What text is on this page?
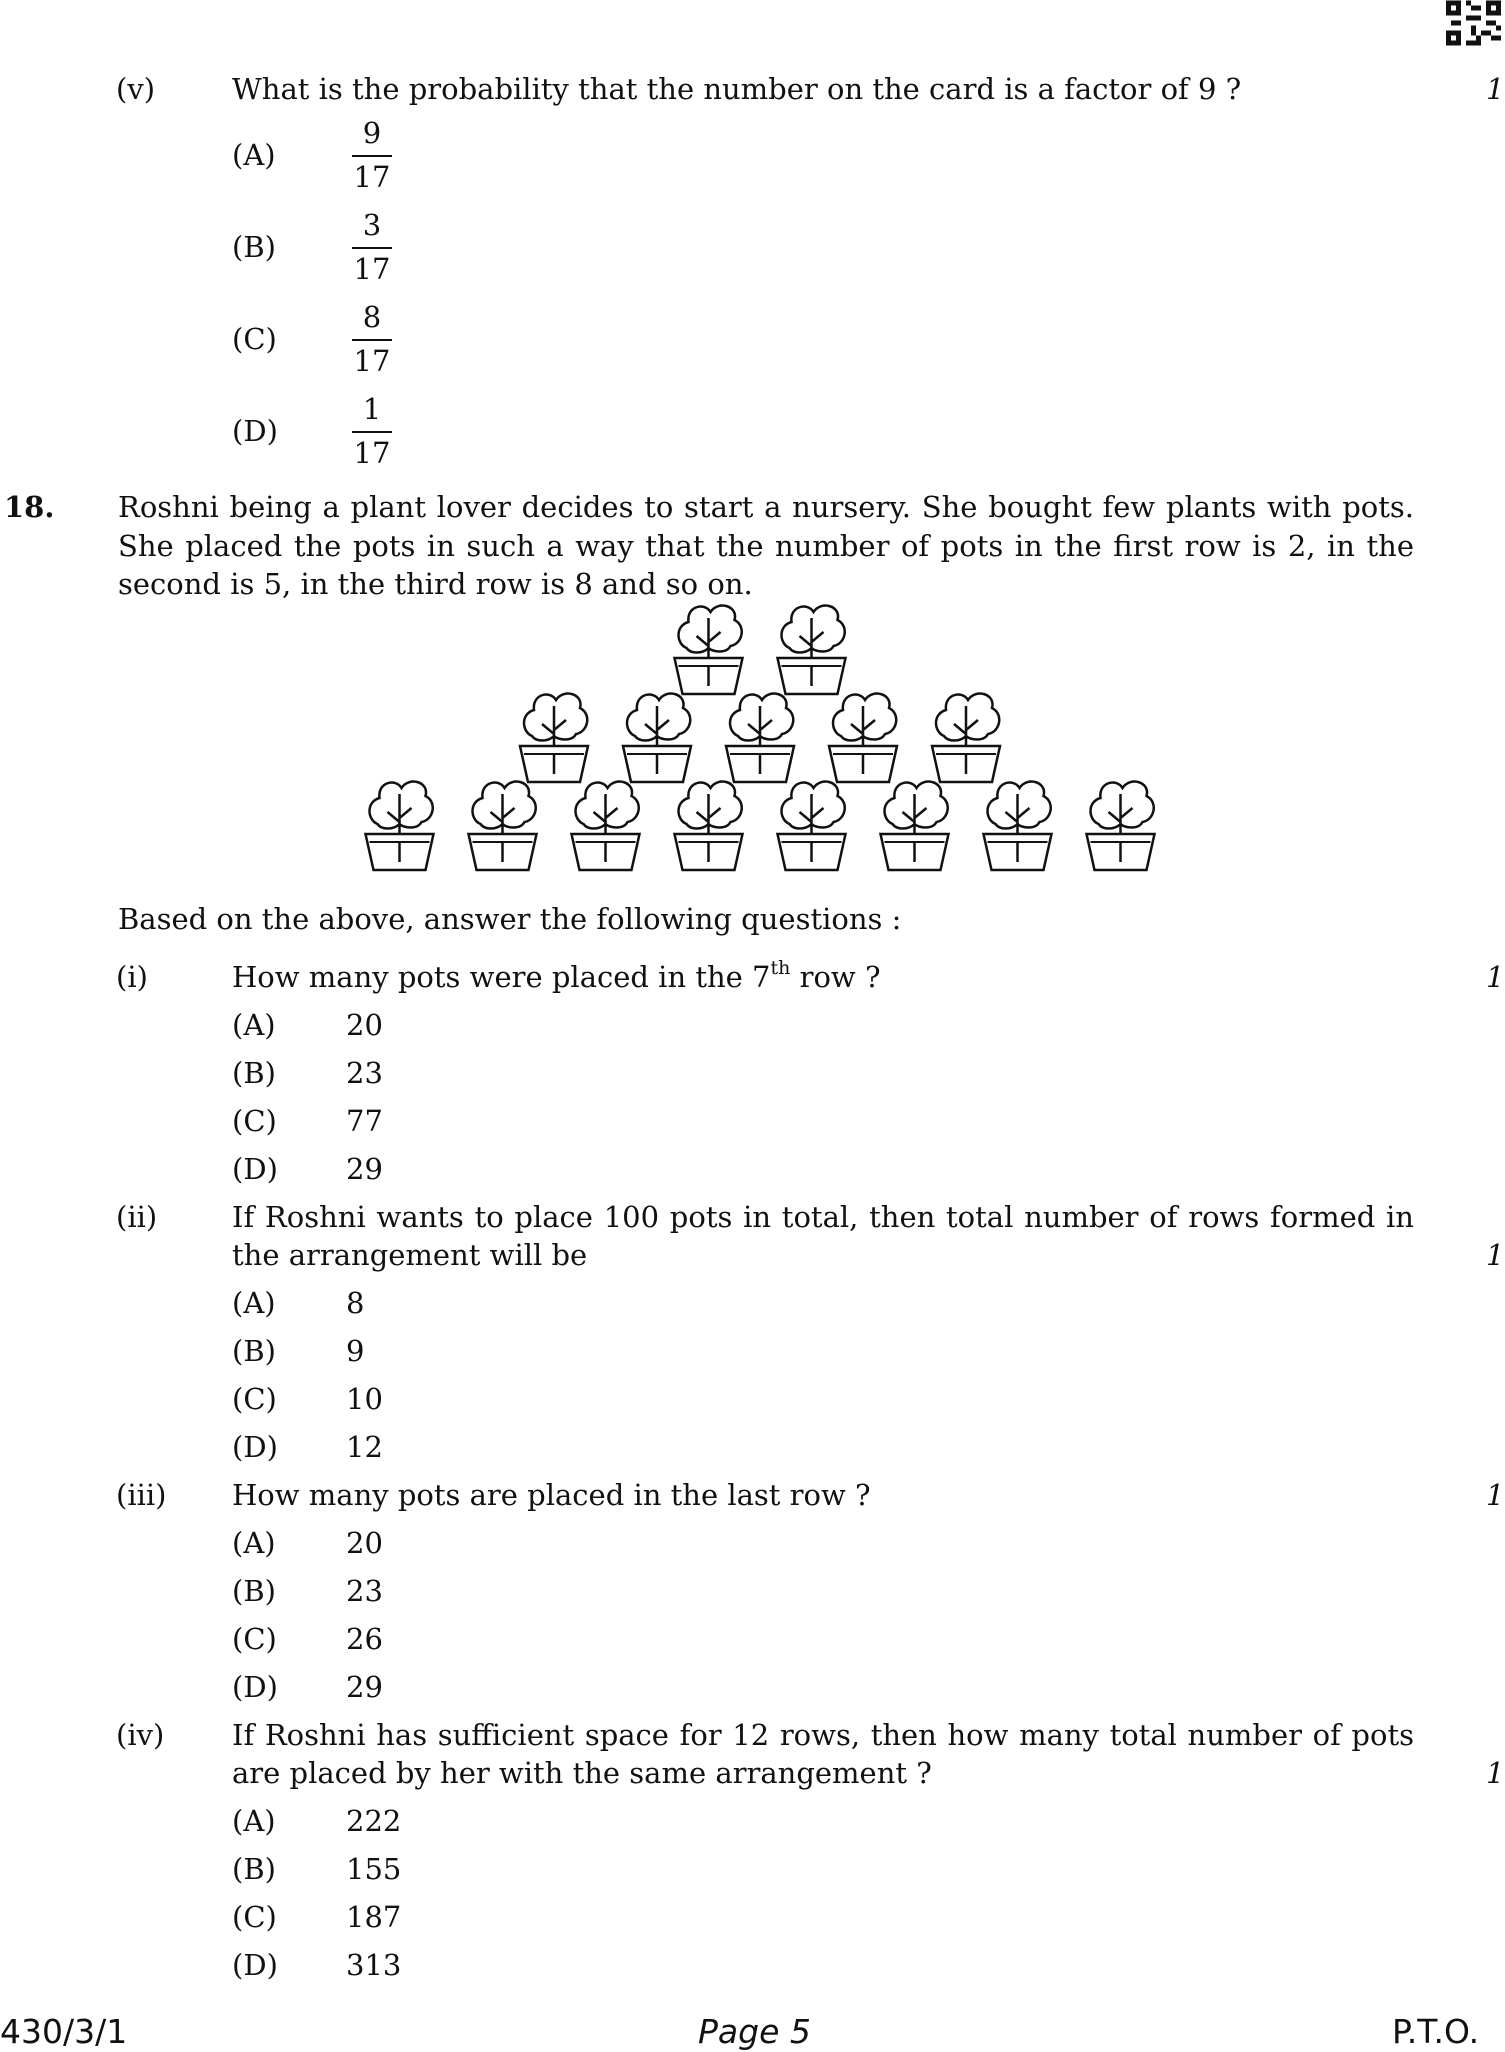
(v)	What is the probability that the number on the card is a factor of 9 ?	1
(A)
9
17
(B)
3
17
(C)
8
17
(D)
1
17
18. Roshni being a plant lover decides to start a nursery. She bought few plants with pots. She placed the pots in such a way that the number of pots in the first row is 2, in the second is 5, in the third row is 8 and so on.
Based on the above, answer the following questions :
(i)	How many pots were placed in the 7th row ?	1
(A) 20
(B) 23
(C) 77
(D) 29
(ii)	If Roshni wants to place 100 pots in total, then total number of rows formed in
the arrangement will be	1
(A) 8
(B) 9
(C) 10
(D) 12
(iii) How many pots are placed in the last row ?	1
(A) 20
(B) 23
(C) 26
(D) 29
(iv) If Roshni has sufficient space for 12 rows, then how many total number of pots
are placed by her with the same arrangement ?	1
(A) 222
(B) 155
(C) 187
(D) 313
430/3/1	Page 5	P.T.O.
